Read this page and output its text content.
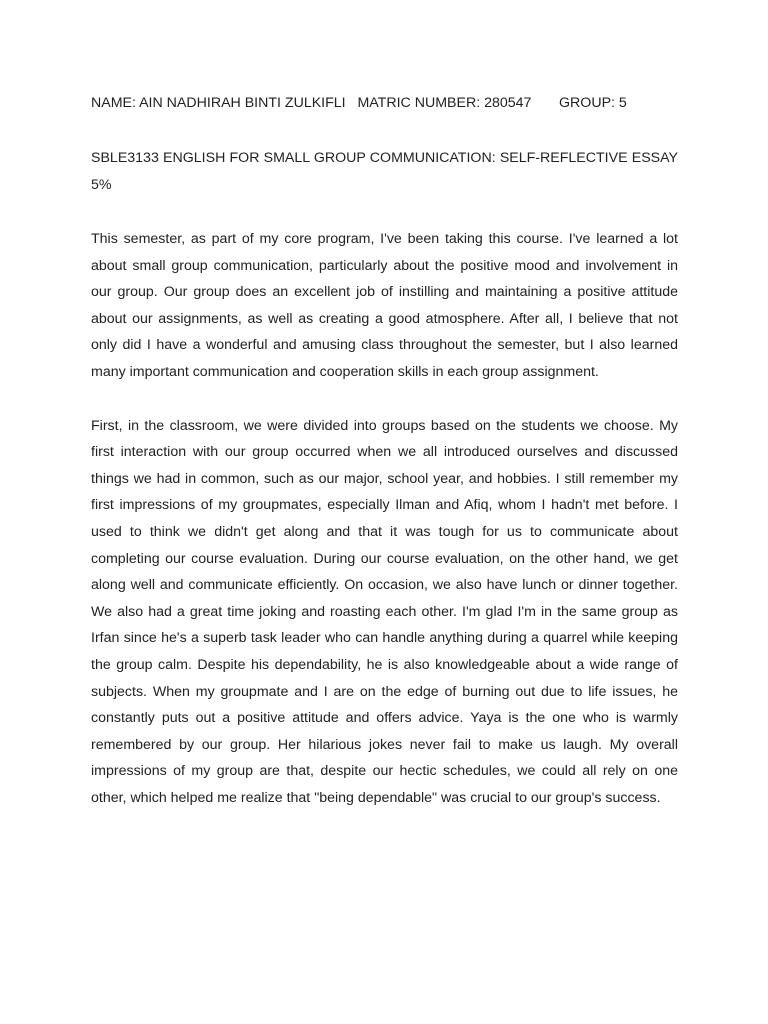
NAME: AIN NADHIRAH BINTI ZULKIFLI   MATRIC NUMBER: 280547       GROUP: 5

SBLE3133 ENGLISH FOR SMALL GROUP COMMUNICATION: SELF-REFLECTIVE ESSAY 5%

This semester, as part of my core program, I've been taking this course. I've learned a lot about small group communication, particularly about the positive mood and involvement in our group. Our group does an excellent job of instilling and maintaining a positive attitude about our assignments, as well as creating a good atmosphere. After all, I believe that not only did I have a wonderful and amusing class throughout the semester, but I also learned many important communication and cooperation skills in each group assignment.

First, in the classroom, we were divided into groups based on the students we choose. My first interaction with our group occurred when we all introduced ourselves and discussed things we had in common, such as our major, school year, and hobbies. I still remember my first impressions of my groupmates, especially Ilman and Afiq, whom I hadn't met before. I used to think we didn't get along and that it was tough for us to communicate about completing our course evaluation. During our course evaluation, on the other hand, we get along well and communicate efficiently. On occasion, we also have lunch or dinner together. We also had a great time joking and roasting each other. I'm glad I'm in the same group as Irfan since he's a superb task leader who can handle anything during a quarrel while keeping the group calm. Despite his dependability, he is also knowledgeable about a wide range of subjects. When my groupmate and I are on the edge of burning out due to life issues, he constantly puts out a positive attitude and offers advice. Yaya is the one who is warmly remembered by our group. Her hilarious jokes never fail to make us laugh. My overall impressions of my group are that, despite our hectic schedules, we could all rely on one other, which helped me realize that "being dependable" was crucial to our group's success.
